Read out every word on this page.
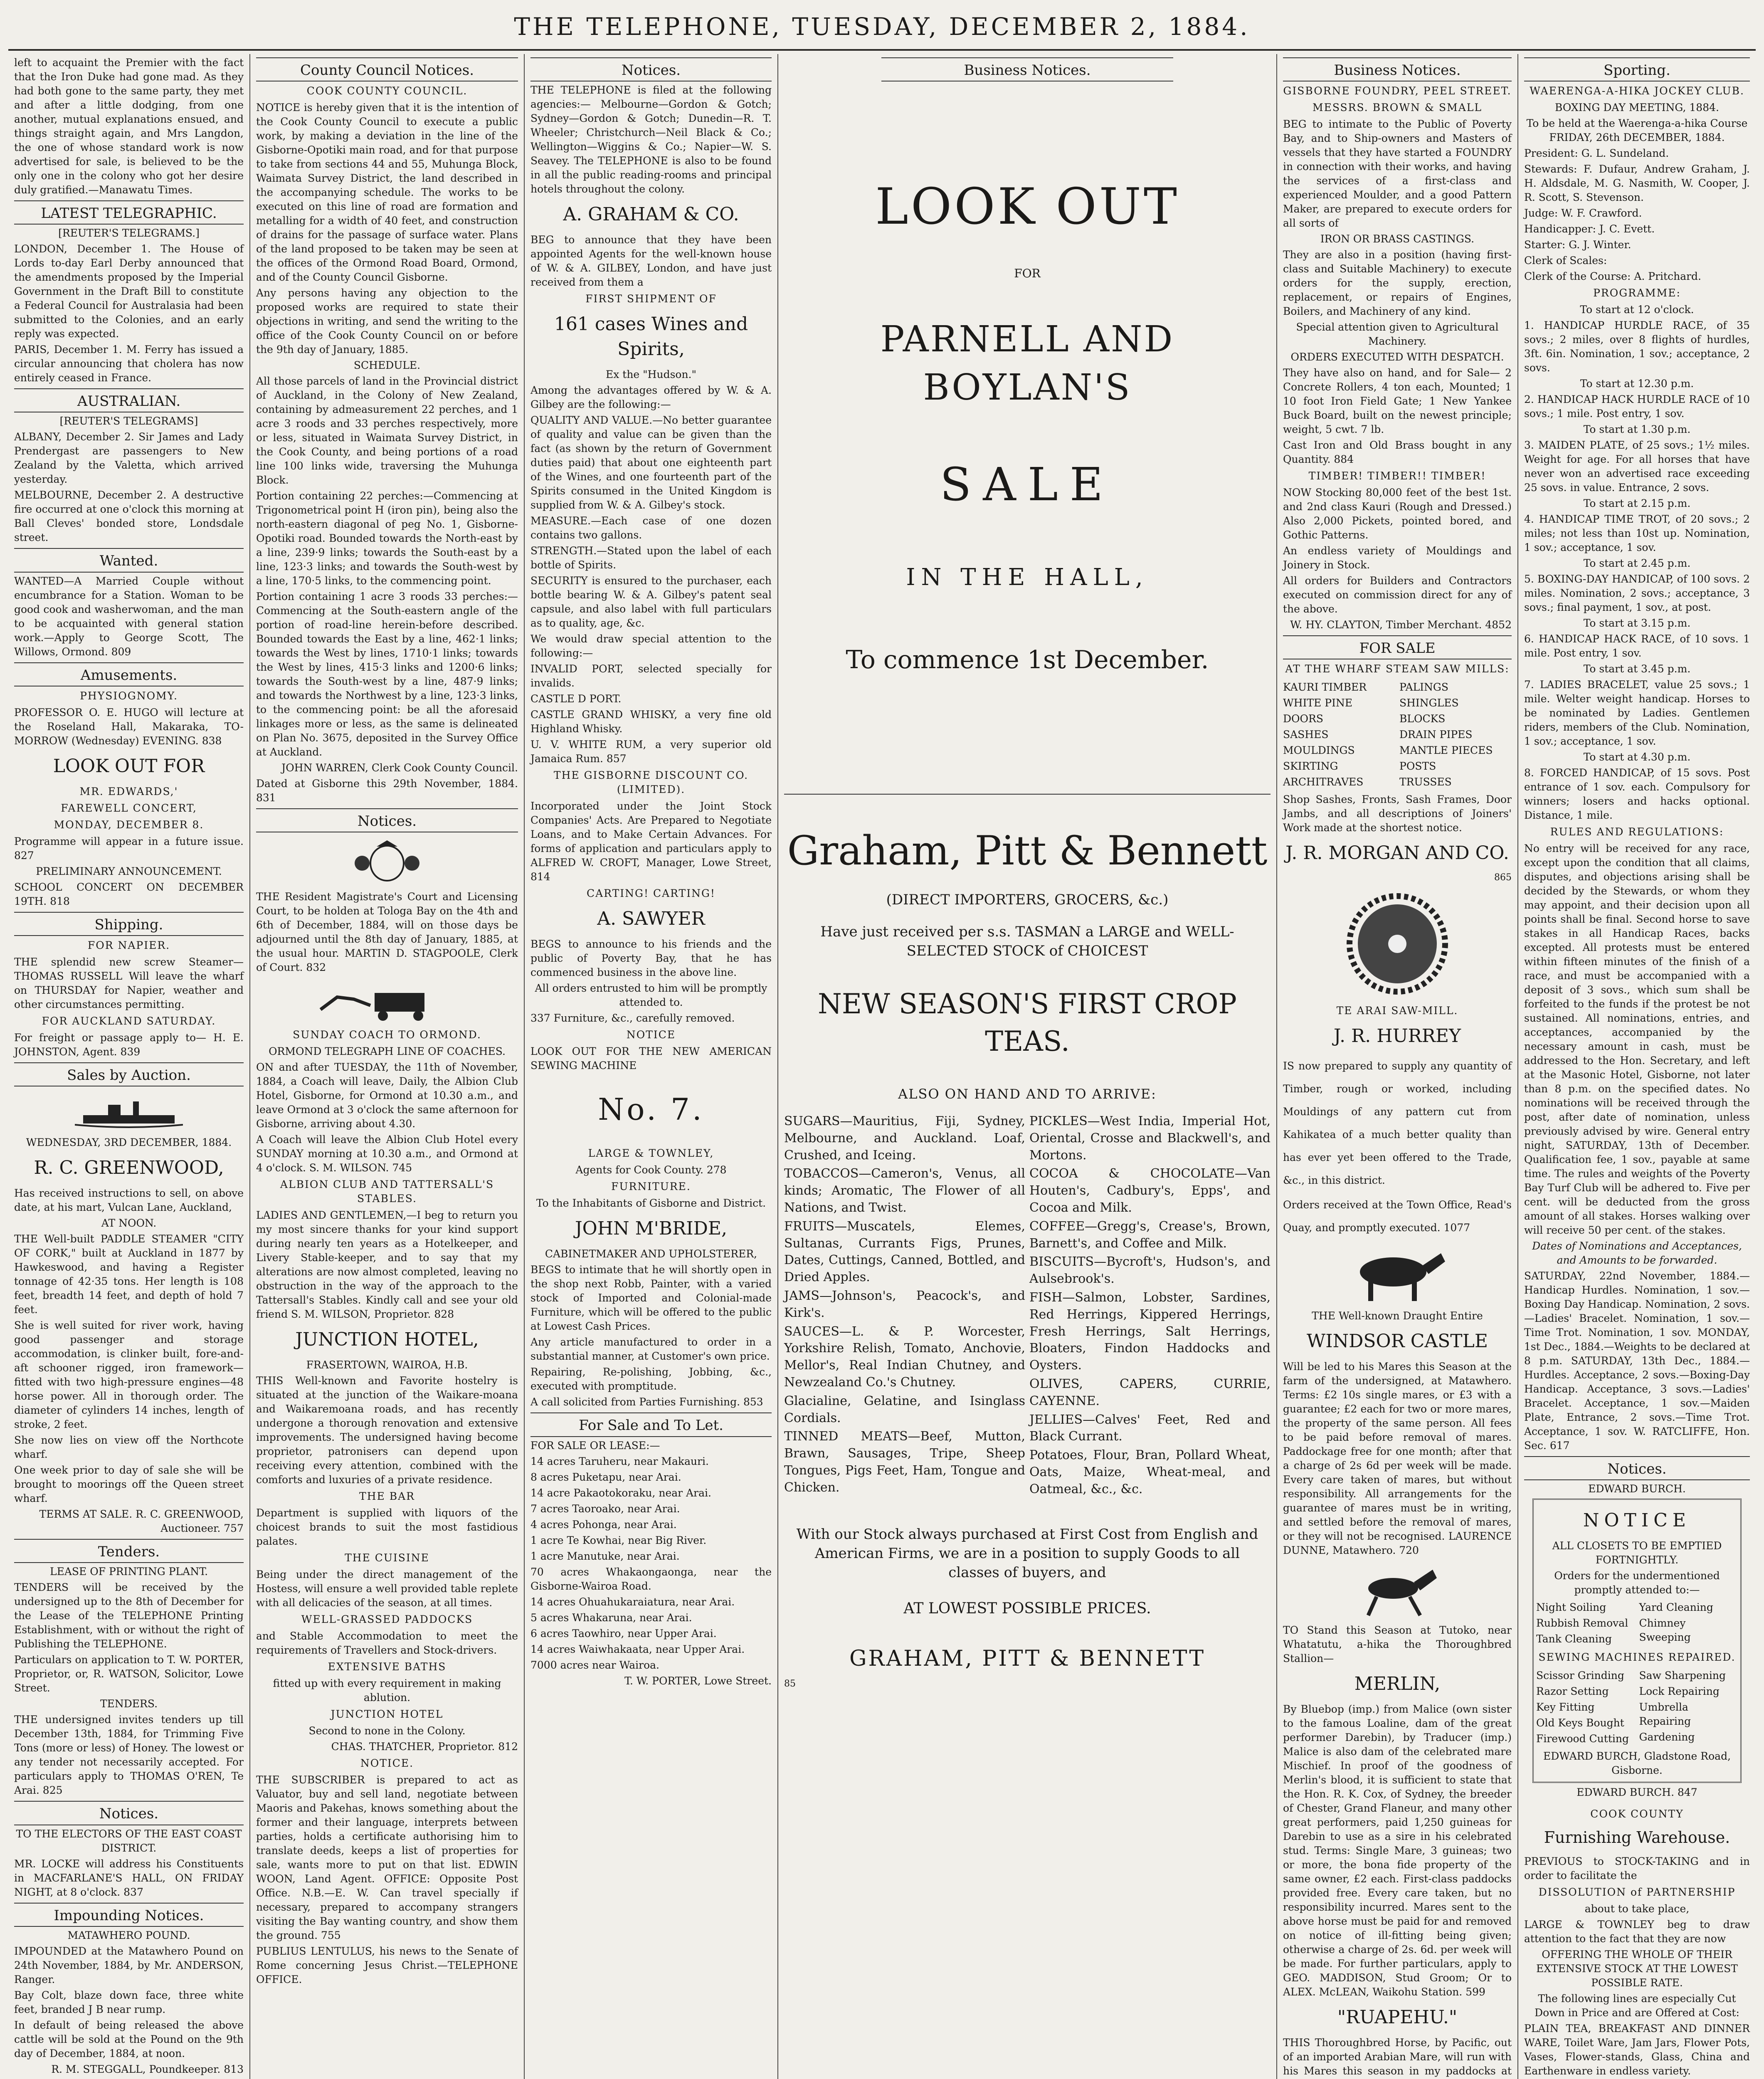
THE TELEPHONE, TUESDAY, DECEMBER 2, 1884.

left to acquaint the Premier with the fact that the Iron Duke had gone mad. As they had both gone to the same party, they met and after a little dodging, from one another, mutual explanations ensued, and things straight again, and Mrs Langdon, the one of whose standard work is now advertised for sale, is believed to be the only one in the colony who got her desire duly gratified.—Manawatu Times.

LATEST TELEGRAPHIC.

[REUTER'S TELEGRAMS.]

LONDON, December 1. The House of Lords to-day Earl Derby announced that the amendments proposed by the Imperial Government in the Draft Bill to constitute a Federal Council for Australasia had been submitted to the Colonies, and an early reply was expected.

PARIS, December 1. M. Ferry has issued a circular announcing that cholera has now entirely ceased in France.

AUSTRALIAN.

[REUTER'S TELEGRAMS]

ALBANY, December 2. Sir James and Lady Prendergast are passengers to New Zealand by the Valetta, which arrived yesterday.

MELBOURNE, December 2. A destructive fire occurred at one o'clock this morning at Ball Cleves' bonded store, Londsdale street.

Wanted.

WANTED—A Married Couple without encumbrance for a Station. Woman to be good cook and washerwoman, and the man to be acquainted with general station work.—Apply to George Scott, The Willows, Ormond. 809

Amusements.

PHYSIOGNOMY.

PROFESSOR O. E. HUGO will lecture at the Roseland Hall, Makaraka, TO-MORROW (Wednesday) EVENING. 838

LOOK OUT FOR

MR. EDWARDS,'

FAREWELL CONCERT,

MONDAY, DECEMBER 8.

Programme will appear in a future issue. 827

PRELIMINARY ANNOUNCEMENT.

SCHOOL CONCERT ON DECEMBER 19TH. 818

Shipping.

FOR NAPIER.

THE splendid new screw Steamer—THOMAS RUSSELL Will leave the wharf on THURSDAY for Napier, weather and other circumstances permitting.

FOR AUCKLAND SATURDAY.

For freight or passage apply to— H. E. JOHNSTON, Agent. 839

Sales by Auction.

WEDNESDAY, 3RD DECEMBER, 1884.

R. C. GREENWOOD,

Has received instructions to sell, on above date, at his mart, Vulcan Lane, Auckland,

AT NOON.

THE Well-built PADDLE STEAMER "CITY OF CORK," built at Auckland in 1877 by Hawkeswood, and having a Register tonnage of 42·35 tons. Her length is 108 feet, breadth 14 feet, and depth of hold 7 feet.

She is well suited for river work, having good passenger and storage accommodation, is clinker built, fore-and-aft schooner rigged, iron framework—fitted with two high-pressure engines—48 horse power. All in thorough order. The diameter of cylinders 14 inches, length of stroke, 2 feet.

She now lies on view off the Northcote wharf.

One week prior to day of sale she will be brought to moorings off the Queen street wharf.

TERMS AT SALE. R. C. GREENWOOD, Auctioneer. 757

Tenders.

LEASE OF PRINTING PLANT.

TENDERS will be received by the undersigned up to the 8th of December for the Lease of the TELEPHONE Printing Establishment, with or without the right of Publishing the TELEPHONE.

Particulars on application to T. W. PORTER, Proprietor, or, R. WATSON, Solicitor, Lowe Street.

TENDERS.

THE undersigned invites tenders up till December 13th, 1884, for Trimming Five Tons (more or less) of Honey. The lowest or any tender not necessarily accepted. For particulars apply to THOMAS O'REN, Te Arai. 825

Notices.

TO THE ELECTORS OF THE EAST COAST DISTRICT.

MR. LOCKE will address his Constituents in MACFARLANE'S HALL, ON FRIDAY NIGHT, at 8 o'clock. 837

Impounding Notices.

MATAWHERO POUND.

IMPOUNDED at the Matawhero Pound on 24th November, 1884, by Mr. ANDERSON, Ranger.

Bay Colt, blaze down face, three white feet, branded J B near rump.

In default of being released the above cattle will be sold at the Pound on the 9th day of December, 1884, at noon.

R. M. STEGGALL, Poundkeeper. 813

County Council Notices.

COOK COUNTY COUNCIL.

NOTICE is hereby given that it is the intention of the Cook County Council to execute a public work, by making a deviation in the line of the Gisborne-Opotiki main road, and for that purpose to take from sections 44 and 55, Muhunga Block, Waimata Survey District, the land described in the accompanying schedule. The works to be executed on this line of road are formation and metalling for a width of 40 feet, and construction of drains for the passage of surface water. Plans of the land proposed to be taken may be seen at the offices of the Ormond Road Board, Ormond, and of the County Council Gisborne.

Any persons having any objection to the proposed works are required to state their objections in writing, and send the writing to the office of the Cook County Council on or before the 9th day of January, 1885.

SCHEDULE.

All those parcels of land in the Provincial district of Auckland, in the Colony of New Zealand, containing by admeasurement 22 perches, and 1 acre 3 roods and 33 perches respectively, more or less, situated in Waimata Survey District, in the Cook County, and being portions of a road line 100 links wide, traversing the Muhunga Block.

Portion containing 22 perches:—Commencing at Trigonometrical point H (iron pin), being also the north-eastern diagonal of peg No. 1, Gisborne-Opotiki road. Bounded towards the North-east by a line, 239·9 links; towards the South-east by a line, 123·3 links; and towards the South-west by a line, 170·5 links, to the commencing point.

Portion containing 1 acre 3 roods 33 perches:—Commencing at the South-eastern angle of the portion of road-line herein-before described. Bounded towards the East by a line, 462·1 links; towards the West by lines, 1710·1 links; towards the West by lines, 415·3 links and 1200·6 links; towards the South-west by a line, 487·9 links; and towards the Northwest by a line, 123·3 links, to the commencing point: be all the aforesaid linkages more or less, as the same is delineated on Plan No. 3675, deposited in the Survey Office at Auckland.

JOHN WARREN, Clerk Cook County Council.

Dated at Gisborne this 29th November, 1884. 831

Notices.

THE Resident Magistrate's Court and Licensing Court, to be holden at Tologa Bay on the 4th and 6th of December, 1884, will on those days be adjourned until the 8th day of January, 1885, at the usual hour. MARTIN D. STAGPOOLE, Clerk of Court. 832

SUNDAY COACH TO ORMOND.

ORMOND TELEGRAPH LINE OF COACHES.

ON and after TUESDAY, the 11th of November, 1884, a Coach will leave, Daily, the Albion Club Hotel, Gisborne, for Ormond at 10.30 a.m., and leave Ormond at 3 o'clock the same afternoon for Gisborne, arriving about 4.30.

A Coach will leave the Albion Club Hotel every SUNDAY morning at 10.30 a.m., and Ormond at 4 o'clock. S. M. WILSON. 745

ALBION CLUB AND TATTERSALL'S STABLES.

LADIES AND GENTLEMEN,—I beg to return you my most sincere thanks for your kind support during nearly ten years as a Hotelkeeper, and Livery Stable-keeper, and to say that my alterations are now almost completed, leaving no obstruction in the way of the approach to the Tattersall's Stables. Kindly call and see your old friend S. M. WILSON, Proprietor. 828

JUNCTION HOTEL,

FRASERTOWN, WAIROA, H.B.

THIS Well-known and Favorite hostelry is situated at the junction of the Waikare-moana and Waikaremoana roads, and has recently undergone a thorough renovation and extensive improvements. The undersigned having become proprietor, patronisers can depend upon receiving every attention, combined with the comforts and luxuries of a private residence.

THE BAR

Department is supplied with liquors of the choicest brands to suit the most fastidious palates.

THE CUISINE

Being under the direct management of the Hostess, will ensure a well provided table replete with all delicacies of the season, at all times.

WELL-GRASSED PADDOCKS

and Stable Accommodation to meet the requirements of Travellers and Stock-drivers.

EXTENSIVE BATHS

fitted up with every requirement in making ablution.

JUNCTION HOTEL

Second to none in the Colony.

CHAS. THATCHER, Proprietor. 812

NOTICE.

THE SUBSCRIBER is prepared to act as Valuator, buy and sell land, negotiate between Maoris and Pakehas, knows something about the former and their language, interprets between parties, holds a certificate authorising him to translate deeds, keeps a list of properties for sale, wants more to put on that list. EDWIN WOON, Land Agent. OFFICE: Opposite Post Office. N.B.—E. W. Can travel specially if necessary, prepared to accompany strangers visiting the Bay wanting country, and show them the ground. 755

PUBLIUS LENTULUS, his news to the Senate of Rome concerning Jesus Christ.—TELEPHONE OFFICE.

Notices.

THE TELEPHONE is filed at the following agencies:— Melbourne—Gordon & Gotch; Sydney—Gordon & Gotch; Dunedin—R. T. Wheeler; Christchurch—Neil Black & Co.; Wellington—Wiggins & Co.; Napier—W. S. Seavey. The TELEPHONE is also to be found in all the public reading-rooms and principal hotels throughout the colony.

A. GRAHAM & CO.

BEG to announce that they have been appointed Agents for the well-known house of W. & A. GILBEY, London, and have just received from them a

FIRST SHIPMENT OF

161 cases Wines and Spirits,

Ex the "Hudson."

Among the advantages offered by W. & A. Gilbey are the following:—

QUALITY AND VALUE.—No better guarantee of quality and value can be given than the fact (as shown by the return of Government duties paid) that about one eighteenth part of the Wines, and one fourteenth part of the Spirits consumed in the United Kingdom is supplied from W. & A. Gilbey's stock.

MEASURE.—Each case of one dozen contains two gallons.

STRENGTH.—Stated upon the label of each bottle of Spirits.

SECURITY is ensured to the purchaser, each bottle bearing W. & A. Gilbey's patent seal capsule, and also label with full particulars as to quality, age, &c.

We would draw special attention to the following:—

INVALID PORT, selected specially for invalids.

CASTLE D PORT.

CASTLE GRAND WHISKY, a very fine old Highland Whisky.

U. V. WHITE RUM, a very superior old Jamaica Rum. 857

THE GISBORNE DISCOUNT CO. (LIMITED).

Incorporated under the Joint Stock Companies' Acts. Are Prepared to Negotiate Loans, and to Make Certain Advances. For forms of application and particulars apply to ALFRED W. CROFT, Manager, Lowe Street, 814

CARTING! CARTING!

A. SAWYER

BEGS to announce to his friends and the public of Poverty Bay, that he has commenced business in the above line.

All orders entrusted to him will be promptly attended to.

337 Furniture, &c., carefully removed.

NOTICE

LOOK OUT FOR THE NEW AMERICAN SEWING MACHINE

No. 7.

LARGE & TOWNLEY,

Agents for Cook County. 278

FURNITURE.

To the Inhabitants of Gisborne and District.

JOHN M'BRIDE,

CABINETMAKER AND UPHOLSTERER,

BEGS to intimate that he will shortly open in the shop next Robb, Painter, with a varied stock of Imported and Colonial-made Furniture, which will be offered to the public at Lowest Cash Prices.

Any article manufactured to order in a substantial manner, at Customer's own price.

Repairing, Re-polishing, Jobbing, &c., executed with promptitude.

A call solicited from Parties Furnishing. 853

For Sale and To Let.

FOR SALE OR LEASE:—

14 acres Taruheru, near Makauri.

8 acres Puketapu, near Arai.

14 acre Pakaotokoraku, near Arai.

7 acres Taoroako, near Arai.

4 acres Pohonga, near Arai.

1 acre Te Kowhai, near Big River.

1 acre Manutuke, near Arai.

70 acres Whakaongaonga, near the Gisborne-Wairoa Road.

14 acres Ohuahukaraiatura, near Arai.

5 acres Whakaruna, near Arai.

6 acres Taowhiro, near Upper Arai.

14 acres Waiwhakaata, near Upper Arai.

7000 acres near Wairoa.

T. W. PORTER, Lowe Street.

Business Notices.

LOOK OUT

FOR

PARNELL AND BOYLAN'S

SALE

IN THE HALL,

To commence 1st December.

Graham, Pitt & Bennett

(DIRECT IMPORTERS, GROCERS, &c.)

Have just received per s.s. TASMAN a LARGE and WELL-SELECTED STOCK of CHOICEST

NEW SEASON'S FIRST CROP TEAS.

ALSO ON HAND AND TO ARRIVE:

SUGARS—Mauritius, Fiji, Sydney, Melbourne, and Auckland. Loaf, Crushed, and Iceing.

TOBACCOS—Cameron's, Venus, all kinds; Aromatic, The Flower of all Nations, and Twist.

FRUITS—Muscatels, Elemes, Sultanas, Currants Figs, Prunes, Dates, Cuttings, Canned, Bottled, and Dried Apples.

JAMS—Johnson's, Peacock's, and Kirk's.

SAUCES—L. & P. Worcester, Yorkshire Relish, Tomato, Anchovie, Mellor's, Real Indian Chutney, and Newzealand Co.'s Chutney.

Glacialine, Gelatine, and Isinglass Cordials.

TINNED MEATS—Beef, Mutton, Brawn, Sausages, Tripe, Sheep Tongues, Pigs Feet, Ham, Tongue and Chicken.

PICKLES—West India, Imperial Hot, Oriental, Crosse and Blackwell's, and Mortons.

COCOA & CHOCOLATE—Van Houten's, Cadbury's, Epps', and Cocoa and Milk.

COFFEE—Gregg's, Crease's, Brown, Barnett's, and Coffee and Milk.

BISCUITS—Bycroft's, Hudson's, and Aulsebrook's.

FISH—Salmon, Lobster, Sardines, Red Herrings, Kippered Herrings, Fresh Herrings, Salt Herrings, Bloaters, Findon Haddocks and Oysters.

OLIVES, CAPERS, CURRIE, CAYENNE.

JELLIES—Calves' Feet, Red and Black Currant.

Potatoes, Flour, Bran, Pollard Wheat, Oats, Maize, Wheat-meal, and Oatmeal, &c., &c.

With our Stock always purchased at First Cost from English and American Firms, we are in a position to supply Goods to all classes of buyers, and

AT LOWEST POSSIBLE PRICES.

GRAHAM, PITT & BENNETT

85

Business Notices.

GISBORNE FOUNDRY, PEEL STREET.

MESSRS. BROWN & SMALL

BEG to intimate to the Public of Poverty Bay, and to Ship-owners and Masters of vessels that they have started a FOUNDRY in connection with their works, and having the services of a first-class and experienced Moulder, and a good Pattern Maker, are prepared to execute orders for all sorts of

IRON OR BRASS CASTINGS.

They are also in a position (having first-class and Suitable Machinery) to execute orders for the supply, erection, replacement, or repairs of Engines, Boilers, and Machinery of any kind.

Special attention given to Agricultural Machinery.

ORDERS EXECUTED WITH DESPATCH.

They have also on hand, and for Sale— 2 Concrete Rollers, 4 ton each, Mounted; 1 10 foot Iron Field Gate; 1 New Yankee Buck Board, built on the newest principle; weight, 5 cwt. 7 lb.

Cast Iron and Old Brass bought in any Quantity. 884

TIMBER! TIMBER!! TIMBER!

NOW Stocking 80,000 feet of the best 1st. and 2nd class Kauri (Rough and Dressed.) Also 2,000 Pickets, pointed bored, and Gothic Patterns.

An endless variety of Mouldings and Joinery in Stock.

All orders for Builders and Contractors executed on commission direct for any of the above.

W. HY. CLAYTON, Timber Merchant. 4852

FOR SALE

AT THE WHARF STEAM SAW MILLS:

KAURI TIMBER

WHITE PINE

DOORS

SASHES

MOULDINGS

SKIRTING

ARCHITRAVES

PALINGS

SHINGLES

BLOCKS

DRAIN PIPES

MANTLE PIECES

POSTS

TRUSSES

Shop Sashes, Fronts, Sash Frames, Door Jambs, and all descriptions of Joiners' Work made at the shortest notice.

J. R. MORGAN AND CO.

865

TE ARAI SAW-MILL.

J. R. HURREY

IS now prepared to supply any quantity of Timber, rough or worked, including Mouldings of any pattern cut from Kahikatea of a much better quality than has ever yet been offered to the Trade, &c., in this district.

Orders received at the Town Office, Read's Quay, and promptly executed. 1077

THE Well-known Draught Entire

WINDSOR CASTLE

Will be led to his Mares this Season at the farm of the undersigned, at Matawhero. Terms: £2 10s single mares, or £3 with a guarantee; £2 each for two or more mares, the property of the same person. All fees to be paid before removal of mares. Paddockage free for one month; after that a charge of 2s 6d per week will be made. Every care taken of mares, but without responsibility. All arrangements for the guarantee of mares must be in writing, and settled before the removal of mares, or they will not be recognised. LAURENCE DUNNE, Matawhero. 720

TO Stand this Season at Tutoko, near Whatatutu, a-hika the Thoroughbred Stallion—

MERLIN,

By Bluebop (imp.) from Malice (own sister to the famous Loaline, dam of the great performer Darebin), by Traducer (imp.) Malice is also dam of the celebrated mare Mischief. In proof of the goodness of Merlin's blood, it is sufficient to state that the Hon. R. K. Cox, of Sydney, the breeder of Chester, Grand Flaneur, and many other great performers, paid 1,250 guineas for Darebin to use as a sire in his celebrated stud. Terms: Single Mare, 3 guineas; two or more, the bona fide property of the same owner, £2 each. First-class paddocks provided free. Every care taken, but no responsibility incurred. Mares sent to the above horse must be paid for and removed on notice of ill-fitting being given; otherwise a charge of 2s. 6d. per week will be made. For further particulars, apply to GEO. MADDISON, Stud Groom; Or to ALEX. McLEAN, Waikohu Station. 599

"RUAPEHU."

THIS Thoroughbred Horse, by Pacific, out of an imported Arabian Mare, will run with his Mares this season in my paddocks at

Sporting.

WAERENGA-A-HIKA JOCKEY CLUB.

BOXING DAY MEETING, 1884.

To be held at the Waerenga-a-hika Course FRIDAY, 26th DECEMBER, 1884.

President: G. L. Sundeland.

Stewards: F. Dufaur, Andrew Graham, J. H. Aldsdale, M. G. Nasmith, W. Cooper, J. R. Scott, S. Stevenson.

Judge: W. F. Crawford.

Handicapper: J. C. Evett.

Starter: G. J. Winter.

Clerk of Scales:

Clerk of the Course: A. Pritchard.

PROGRAMME:

To start at 12 o'clock.

1. HANDICAP HURDLE RACE, of 35 sovs.; 2 miles, over 8 flights of hurdles, 3ft. 6in. Nomination, 1 sov.; acceptance, 2 sovs.

To start at 12.30 p.m.

2. HANDICAP HACK HURDLE RACE of 10 sovs.; 1 mile. Post entry, 1 sov.

To start at 1.30 p.m.

3. MAIDEN PLATE, of 25 sovs.; 1½ miles. Weight for age. For all horses that have never won an advertised race exceeding 25 sovs. in value. Entrance, 2 sovs.

To start at 2.15 p.m.

4. HANDICAP TIME TROT, of 20 sovs.; 2 miles; not less than 10st up. Nomination, 1 sov.; acceptance, 1 sov.

To start at 2.45 p.m.

5. BOXING-DAY HANDICAP, of 100 sovs. 2 miles. Nomination, 2 sovs.; acceptance, 3 sovs.; final payment, 1 sov., at post.

To start at 3.15 p.m.

6. HANDICAP HACK RACE, of 10 sovs. 1 mile. Post entry, 1 sov.

To start at 3.45 p.m.

7. LADIES BRACELET, value 25 sovs.; 1 mile. Welter weight handicap. Horses to be nominated by Ladies. Gentlemen riders, members of the Club. Nomination, 1 sov.; acceptance, 1 sov.

To start at 4.30 p.m.

8. FORCED HANDICAP, of 15 sovs. Post entrance of 1 sov. each. Compulsory for winners; losers and hacks optional. Distance, 1 mile.

RULES AND REGULATIONS:

No entry will be received for any race, except upon the condition that all claims, disputes, and objections arising shall be decided by the Stewards, or whom they may appoint, and their decision upon all points shall be final. Second horse to save stakes in all Handicap Races, backs excepted. All protests must be entered within fifteen minutes of the finish of a race, and must be accompanied with a deposit of 3 sovs., which sum shall be forfeited to the funds if the protest be not sustained. All nominations, entries, and acceptances, accompanied by the necessary amount in cash, must be addressed to the Hon. Secretary, and left at the Masonic Hotel, Gisborne, not later than 8 p.m. on the specified dates. No nominations will be received through the post, after date of nomination, unless previously advised by wire. General entry night, SATURDAY, 13th of December. Qualification fee, 1 sov., payable at same time. The rules and weights of the Poverty Bay Turf Club will be adhered to. Five per cent. will be deducted from the gross amount of all stakes. Horses walking over will receive 50 per cent. of the stakes.

Dates of Nominations and Acceptances, and Amounts to be forwarded.

SATURDAY, 22nd November, 1884.—Handicap Hurdles. Nomination, 1 sov.—Boxing Day Handicap. Nomination, 2 sovs.—Ladies' Bracelet. Nomination, 1 sov.—Time Trot. Nomination, 1 sov. MONDAY, 1st Dec., 1884.—Weights to be declared at 8 p.m. SATURDAY, 13th Dec., 1884.—Hurdles. Acceptance, 2 sovs.—Boxing-Day Handicap. Acceptance, 3 sovs.—Ladies' Bracelet. Acceptance, 1 sov.—Maiden Plate, Entrance, 2 sovs.—Time Trot. Acceptance, 1 sov. W. RATCLIFFE, Hon. Sec. 617

Notices.

EDWARD BURCH.

NOTICE

ALL CLOSETS TO BE EMPTIED FORTNIGHTLY.

Orders for the undermentioned promptly attended to:—

Night Soiling

Rubbish Removal

Tank Cleaning

Yard Cleaning

Chimney Sweeping

SEWING MACHINES REPAIRED.

Scissor Grinding

Razor Setting

Key Fitting

Old Keys Bought

Firewood Cutting

Saw Sharpening

Lock Repairing

Umbrella Repairing

Gardening

EDWARD BURCH, Gladstone Road, Gisborne.

EDWARD BURCH. 847

COOK COUNTY

Furnishing Warehouse.

PREVIOUS to STOCK-TAKING and in order to facilitate the

DISSOLUTION of PARTNERSHIP

about to take place,

LARGE & TOWNLEY beg to draw attention to the fact that they are now

OFFERING THE WHOLE OF THEIR EXTENSIVE STOCK AT THE LOWEST POSSIBLE RATE.

The following lines are especially Cut Down in Price and are Offered at Cost:

PLAIN TEA, BREAKFAST AND DINNER WARE, Toilet Ware, Jam Jars, Flower Pots, Vases, Flower-stands, Glass, China and Earthenware in endless variety.
